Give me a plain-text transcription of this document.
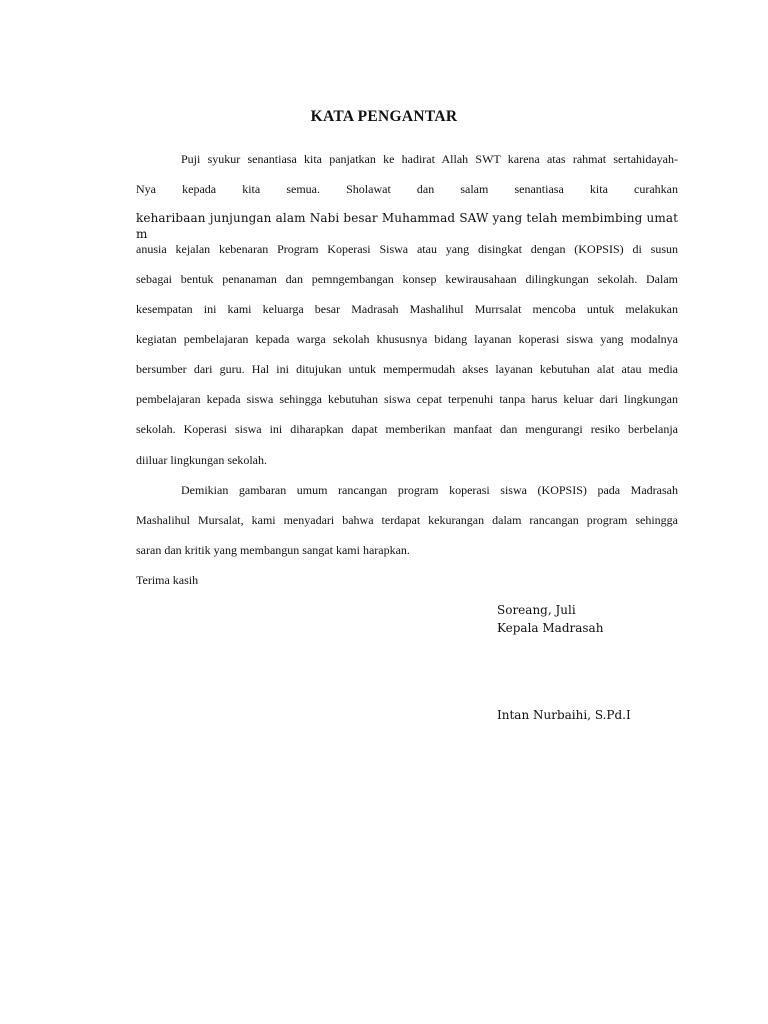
KATA PENGANTAR

Puji syukur senantiasa kita panjatkan ke hadirat Allah SWT karena atas rahmat sertahidayah-

Nya kepada kita semua. Sholawat dan salam senantiasa kita curahkan

keharibaan junjungan alam Nabi besar Muhammad SAW yang telah membimbing umat m

anusia kejalan kebenaran Program Koperasi Siswa atau yang disingkat dengan (KOPSIS) di susun

sebagai bentuk penanaman dan pemngembangan konsep kewirausahaan dilingkungan sekolah. Dalam

kesempatan ini kami keluarga besar Madrasah Mashalihul Murrsalat mencoba untuk melakukan

kegiatan pembelajaran kepada warga sekolah khususnya bidang layanan koperasi siswa yang modalnya

bersumber dari guru. Hal ini ditujukan untuk mempermudah akses layanan kebutuhan alat atau media

pembelajaran kepada siswa sehingga kebutuhan siswa cepat terpenuhi tanpa harus keluar dari lingkungan

sekolah. Koperasi siswa ini diharapkan dapat memberikan manfaat dan mengurangi resiko berbelanja

diiluar lingkungan sekolah.

Demikian gambaran umum rancangan program koperasi siswa (KOPSIS) pada Madrasah

Mashalihul Mursalat, kami menyadari bahwa terdapat kekurangan dalam rancangan program sehingga

saran dan kritik yang membangun sangat kami harapkan.

Terima kasih

Soreang, Juli

Kepala Madrasah

Intan Nurbaihi, S.Pd.I
